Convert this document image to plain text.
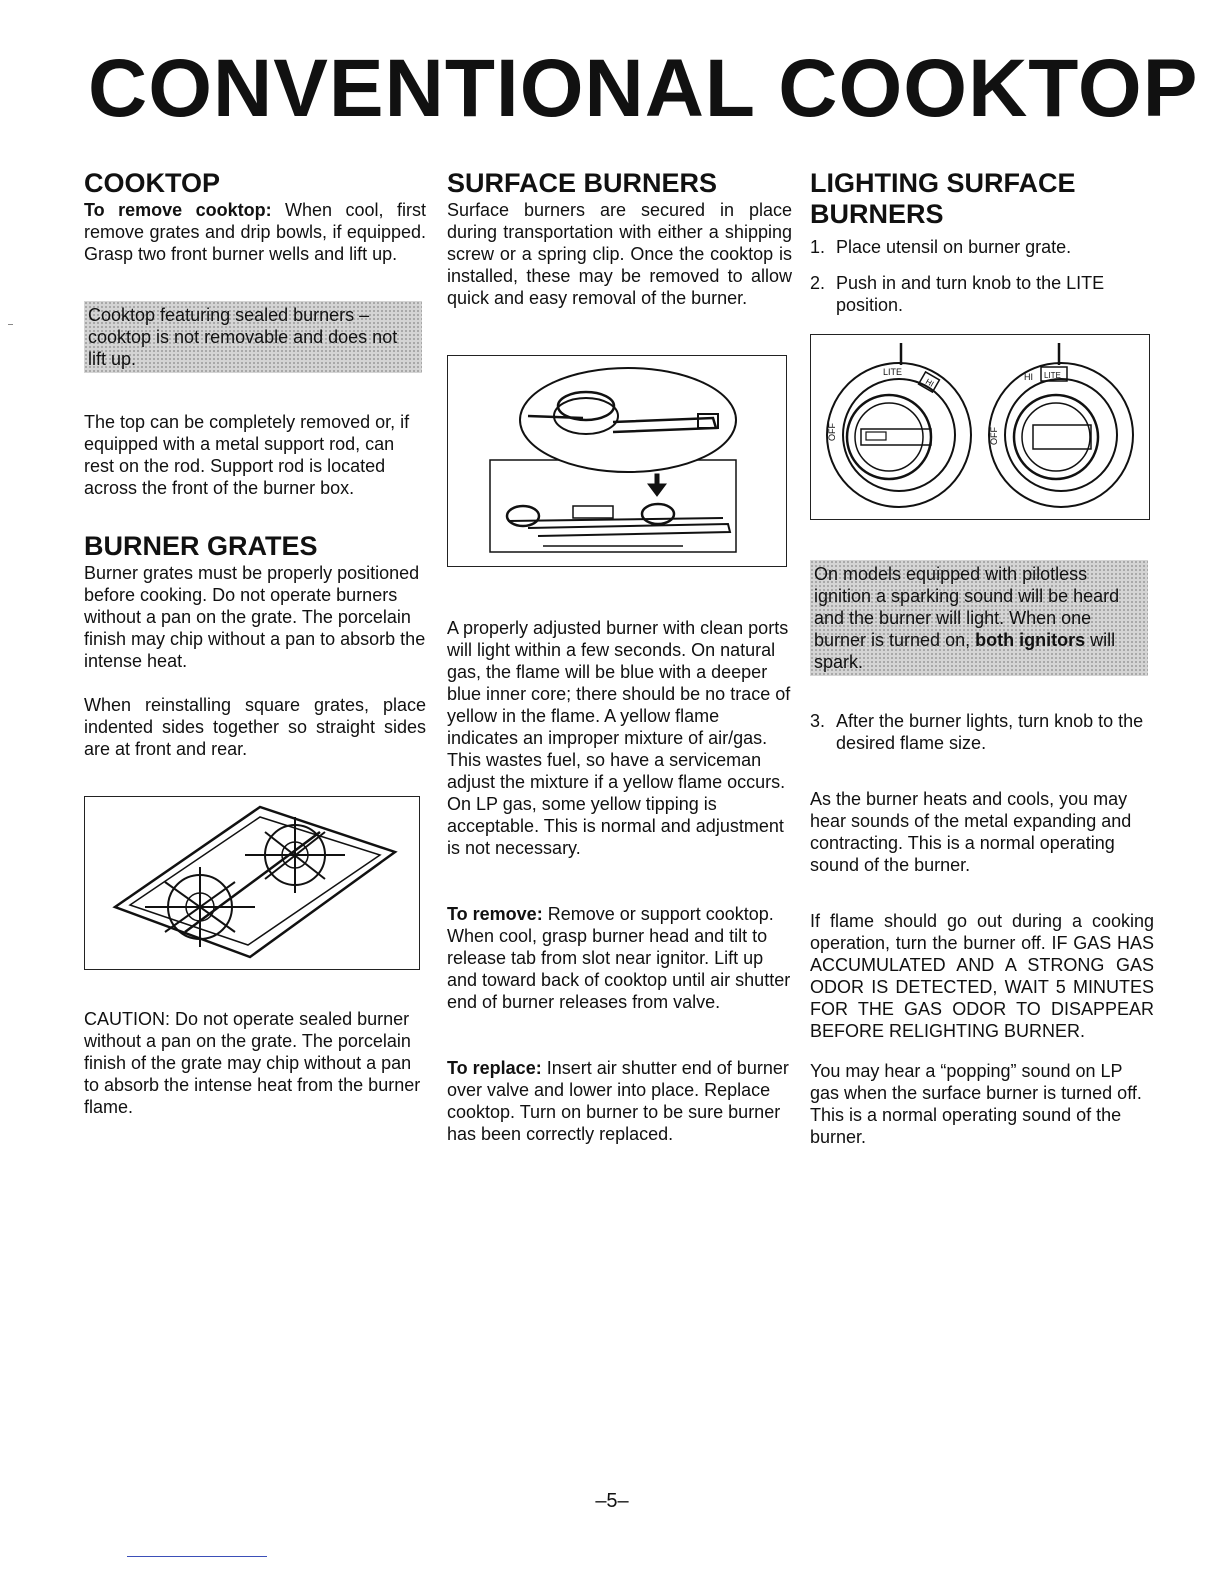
CONVENTIONAL COOKTOP
COOKTOP

To remove cooktop: When cool, first remove grates and drip bowls, if equipped. Grasp two front burner wells and lift up.

Cooktop featuring sealed burners – cooktop is not removable and does not lift up.

The top can be completely removed or, if equipped with a metal support rod, can rest on the rod. Support rod is located across the front of the burner box.

BURNER GRATES

Burner grates must be properly positioned before cooking. Do not operate burners without a pan on the grate. The porcelain finish may chip without a pan to absorb the intense heat.

When reinstalling square grates, place indented sides together so straight sides are at front and rear.

CAUTION: Do not operate sealed burner without a pan on the grate. The porcelain finish of the grate may chip without a pan to absorb the intense heat from the burner flame.

SURFACE BURNERS

Surface burners are secured in place during transportation with either a shipping screw or a spring clip. Once the cooktop is installed, these may be removed to allow quick and easy removal of the burner.

A properly adjusted burner with clean ports will light within a few seconds. On natural gas, the flame will be blue with a deeper blue inner core; there should be no trace of yellow in the flame. A yellow flame indicates an improper mixture of air/gas. This wastes fuel, so have a serviceman adjust the mixture if a yellow flame occurs. On LP gas, some yellow tipping is acceptable. This is normal and adjustment is not necessary.

To remove: Remove or support cooktop. When cool, grasp burner head and tilt to release tab from slot near ignitor. Lift up and toward back of cooktop until air shutter end of burner releases from valve.

To replace: Insert air shutter end of burner over valve and lower into place. Replace cooktop. Turn on burner to be sure burner has been correctly replaced.

LIGHTING SURFACE BURNERS
1. Place utensil on burner grate.
2. Push in and turn knob to the LITE position.
LITE
HI
OFF
HI LITE
OFF
On models equipped with pilotless ignition a sparking sound will be heard and the burner will light. When one burner is turned on, both ignitors will spark.
3. After the burner lights, turn knob to the desired flame size.

As the burner heats and cools, you may hear sounds of the metal expanding and contracting. This is a normal operating sound of the burner.

If flame should go out during a cooking operation, turn the burner off. IF GAS HAS ACCUMULATED AND A STRONG GAS ODOR IS DETECTED, WAIT 5 MINUTES FOR THE GAS ODOR TO DISAPPEAR BEFORE RELIGHTING BURNER.

You may hear a “popping” sound on LP gas when the surface burner is turned off. This is a normal operating sound of the burner.

–5–
